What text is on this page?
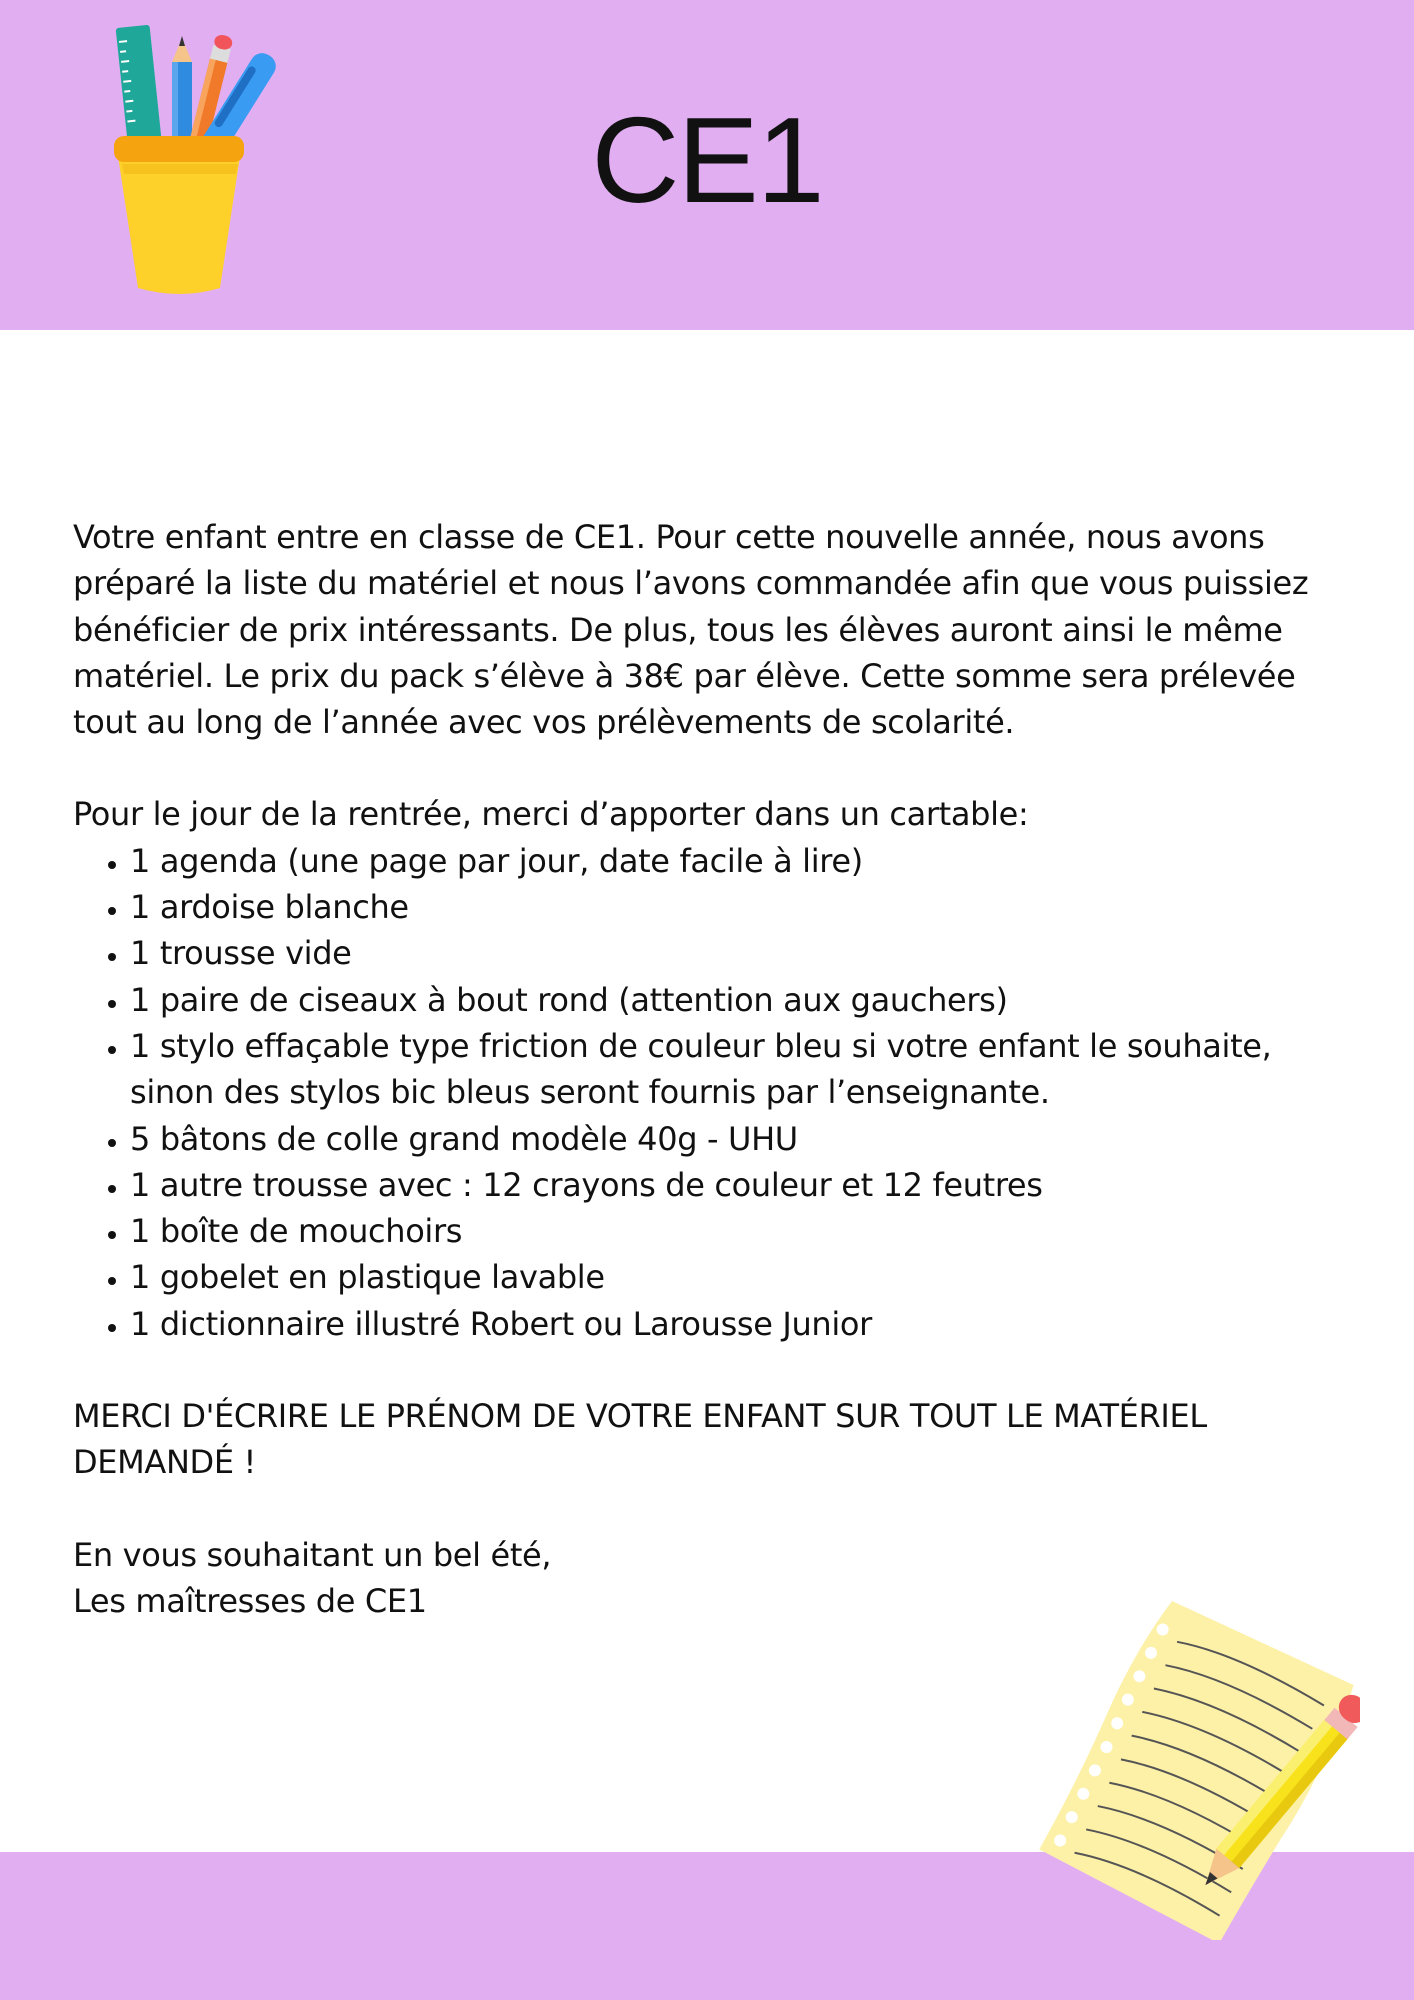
CE1

Votre enfant entre en classe de CE1. Pour cette nouvelle année, nous avons préparé la liste du matériel et nous l’avons commandée afin que vous puissiez bénéficier de prix intéressants. De plus, tous les élèves auront ainsi le même matériel. Le prix du pack s’élève à 38€ par élève. Cette somme sera prélevée tout au long de l’année avec vos prélèvements de scolarité.

Pour le jour de la rentrée, merci d’apporter dans un cartable:

• 1 agenda (une page par jour, date facile à lire)
• 1 ardoise blanche
• 1 trousse vide
• 1 paire de ciseaux à bout rond (attention aux gauchers)
• 1 stylo effaçable type friction de couleur bleu si votre enfant le souhaite, sinon des stylos bic bleus seront fournis par l’enseignante.
• 5 bâtons de colle grand modèle 40g - UHU
• 1 autre trousse avec : 12 crayons de couleur et 12 feutres
• 1 boîte de mouchoirs
• 1 gobelet en plastique lavable
• 1 dictionnaire illustré Robert ou Larousse Junior

MERCI D'ÉCRIRE LE PRÉNOM DE VOTRE ENFANT SUR TOUT LE MATÉRIEL DEMANDÉ !

En vous souhaitant un bel été,

Les maîtresses de CE1
